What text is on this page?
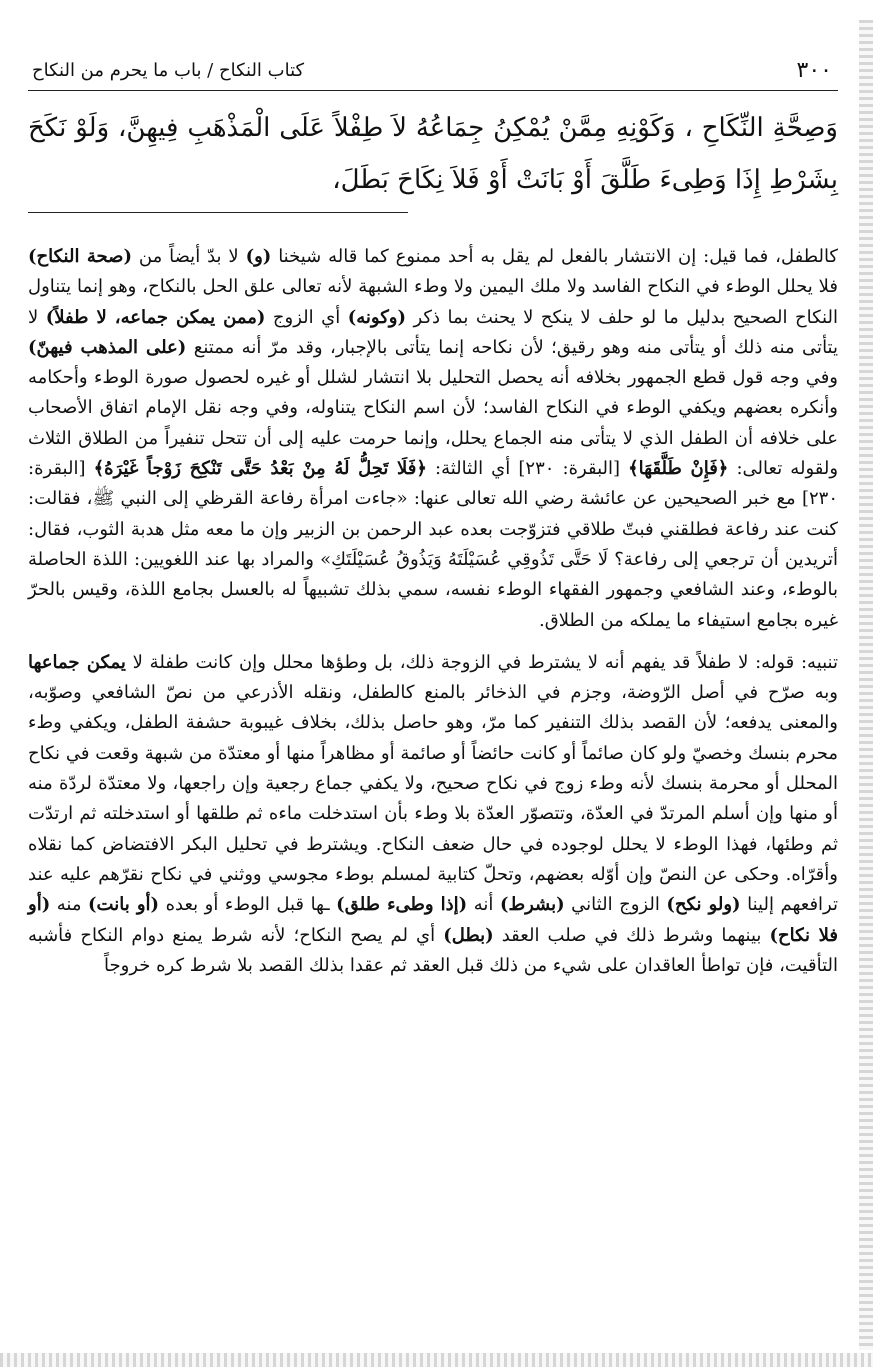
٣٠٠
كتاب النكاح / باب ما يحرم من النكاح
وَصِحَّةِ النِّكَاحِ ، وَكَوْنِهِ مِمَّنْ يُمْكِنُ جِمَاعُهُ لاَ طِفْلاً عَلَى الْمَذْهَبِ فِيهِنَّ، وَلَوْ نَكَحَ بِشَرْطِ إِذَا وَطِىءَ طَلَّقَ أَوْ بَانَتْ أَوْ فَلاَ نِكَاحَ بَطَلَ،

كالطفل، فما قيل: إن الانتشار بالفعل لم يقل به أحد ممنوع كما قاله شيخنا (و) لا بدّ أيضاً من (صحة النكاح) فلا يحلل الوطء في النكاح الفاسد ولا ملك اليمين ولا وطء الشبهة لأنه تعالى علق الحل بالنكاح، وهو إنما يتناول النكاح الصحيح بدليل ما لو حلف لا ينكح لا يحنث بما ذكر (وكونه) أي الزوج (ممن يمكن جماعه، لا طفلاً) لا يتأتى منه ذلك أو يتأتى منه وهو رقيق؛ لأن نكاحه إنما يتأتى بالإجبار، وقد مرّ أنه ممتنع (على المذهب فيهنّ) وفي وجه قول قطع الجمهور بخلافه أنه يحصل التحليل بلا انتشار لشلل أو غيره لحصول صورة الوطء وأحكامه وأنكره بعضهم ويكفي الوطء في النكاح الفاسد؛ لأن اسم النكاح يتناوله، وفي وجه نقل الإمام اتفاق الأصحاب على خلافه أن الطفل الذي لا يتأتى منه الجماع يحلل، وإنما حرمت عليه إلى أن تتحل تنفيراً من الطلاق الثلاث ولقوله تعالى: ﴿فَإِنْ طَلَّقَهَا﴾ [البقرة: ٢٣٠] أي الثالثة: ﴿فَلَا تَحِلُّ لَهُ مِنْ بَعْدُ حَتَّى تَنْكِحَ زَوْجاً غَيْرَهُ﴾ [البقرة: ٢٣٠] مع خبر الصحيحين عن عائشة رضي الله تعالى عنها: «جاءت امرأة رفاعة القرظي إلى النبي ﷺ، فقالت: كنت عند رفاعة فطلقني فبتّ طلاقي فتزوّجت بعده عبد الرحمن بن الزبير وإن ما معه مثل هدبة الثوب، فقال: أتريدين أن ترجعي إلى رفاعة؟ لَا حَتَّى تَذُوقِي عُسَيْلَتَهُ وَيَذُوقُ عُسَيْلَتَكِ» والمراد بها عند اللغويين: اللذة الحاصلة بالوطء، وعند الشافعي وجمهور الفقهاء الوطء نفسه، سمي بذلك تشبيهاً له بالعسل بجامع اللذة، وقيس بالحرّ غيره بجامع استيفاء ما يملكه من الطلاق.

تنبيه: قوله: لا طفلاً قد يفهم أنه لا يشترط في الزوجة ذلك، بل وطؤها محلل وإن كانت طفلة لا يمكن جماعها وبه صرّح في أصل الرّوضة، وجزم في الذخائر بالمنع كالطفل، ونقله الأذرعي من نصّ الشافعي وصوّبه، والمعنى يدفعه؛ لأن القصد بذلك التنفير كما مرّ، وهو حاصل بذلك، بخلاف غيبوبة حشفة الطفل، ويكفي وطء محرم بنسك وخصيّ ولو كان صائماً أو كانت حائضاً أو صائمة أو مظاهراً منها أو معتدّة من شبهة وقعت في نكاح المحلل أو محرمة بنسك لأنه وطء زوج في نكاح صحيح، ولا يكفي جماع رجعية وإن راجعها، ولا معتدّة لردّة منه أو منها وإن أسلم المرتدّ في العدّة، وتتصوّر العدّة بلا وطء بأن استدخلت ماءه ثم طلقها أو استدخلته ثم ارتدّت ثم وطئها، فهذا الوطء لا يحلل لوجوده في حال ضعف النكاح. ويشترط في تحليل البكر الافتضاض كما نقلاه وأقرّاه. وحكى عن النصّ وإن أوّله بعضهم، وتحلّ كتابية لمسلم بوطء مجوسي ووثني في نكاح نقرّهم عليه عند ترافعهم إلينا (ولو نكح) الزوج الثاني (بشرط) أنه (إذا وطىء طلق) ـها قبل الوطء أو بعده (أو بانت) منه (أو فلا نكاح) بينهما وشرط ذلك في صلب العقد (بطل) أي لم يصح النكاح؛ لأنه شرط يمنع دوام النكاح فأشبه التأقيت، فإن تواطأ العاقدان على شيء من ذلك قبل العقد ثم عقدا بذلك القصد بلا شرط كره خروجاً
